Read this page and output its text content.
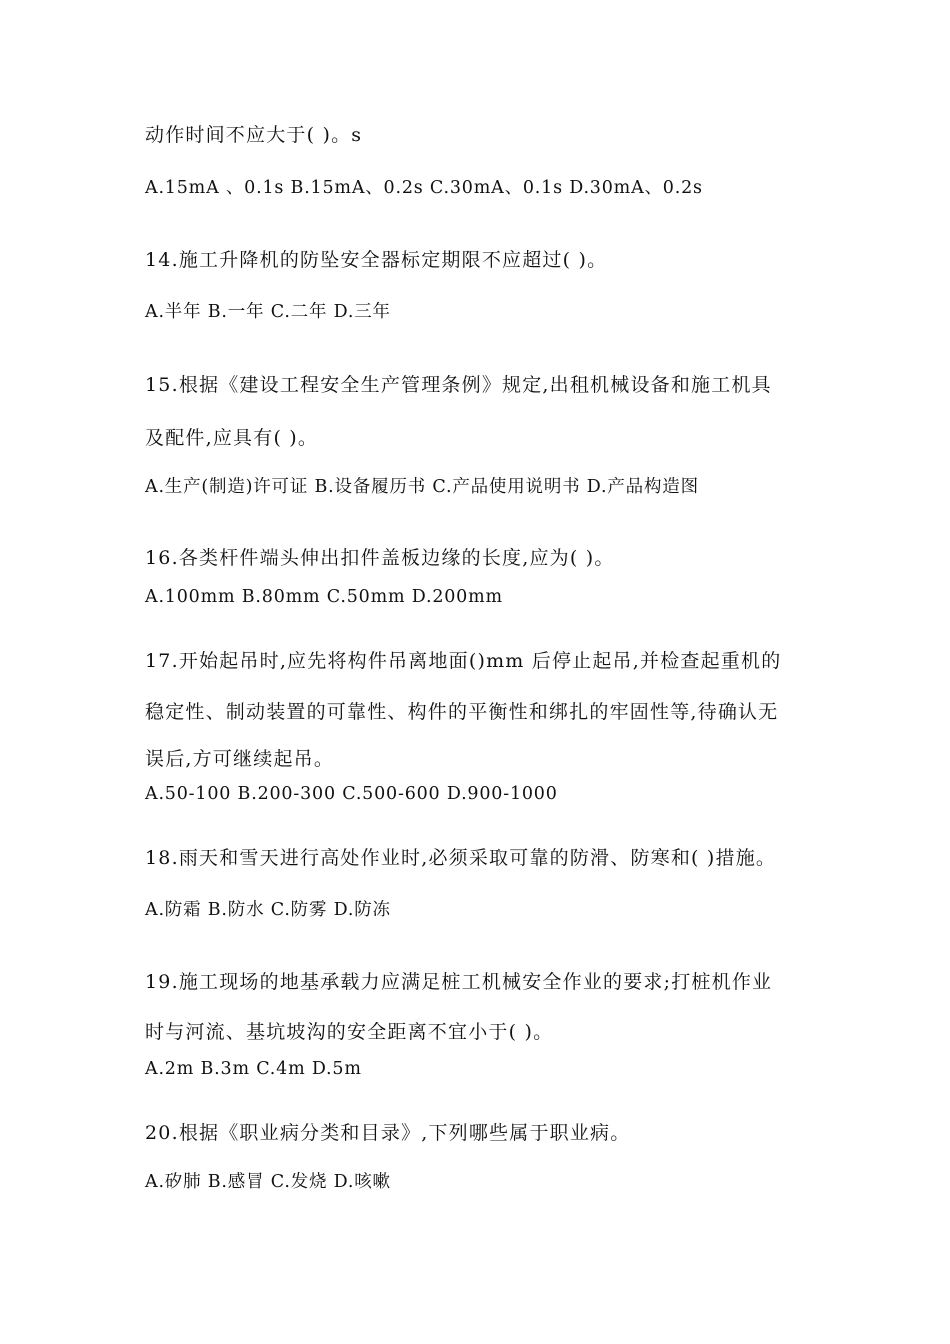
动作时间不应大于( )。s
A.15mA 、0.1s B.15mA、0.2s C.30mA、0.1s D.30mA、0.2s
14.施工升降机的防坠安全器标定期限不应超过( )。
A.半年 B.一年 C.二年 D.三年
15.根据《建设工程安全生产管理条例》规定,出租机械设备和施工机具
及配件,应具有( )。
A.生产(制造)许可证 B.设备履历书 C.产品使用说明书 D.产品构造图
16.各类杆件端头伸出扣件盖板边缘的长度,应为( )。
A.100mm B.80mm C.50mm D.200mm
17.开始起吊时,应先将构件吊离地面()mm 后停止起吊,并检查起重机的
稳定性、制动装置的可靠性、构件的平衡性和绑扎的牢固性等,待确认无
误后,方可继续起吊。
A.50-100 B.200-300 C.500-600 D.900-1000
18.雨天和雪天进行高处作业时,必须采取可靠的防滑、防寒和( )措施。
A.防霜 B.防水 C.防雾 D.防冻
19.施工现场的地基承载力应满足桩工机械安全作业的要求;打桩机作业
时与河流、基坑坡沟的安全距离不宜小于( )。
A.2m B.3m C.4m D.5m
20.根据《职业病分类和目录》,下列哪些属于职业病。
A.矽肺 B.感冒 C.发烧 D.咳嗽
